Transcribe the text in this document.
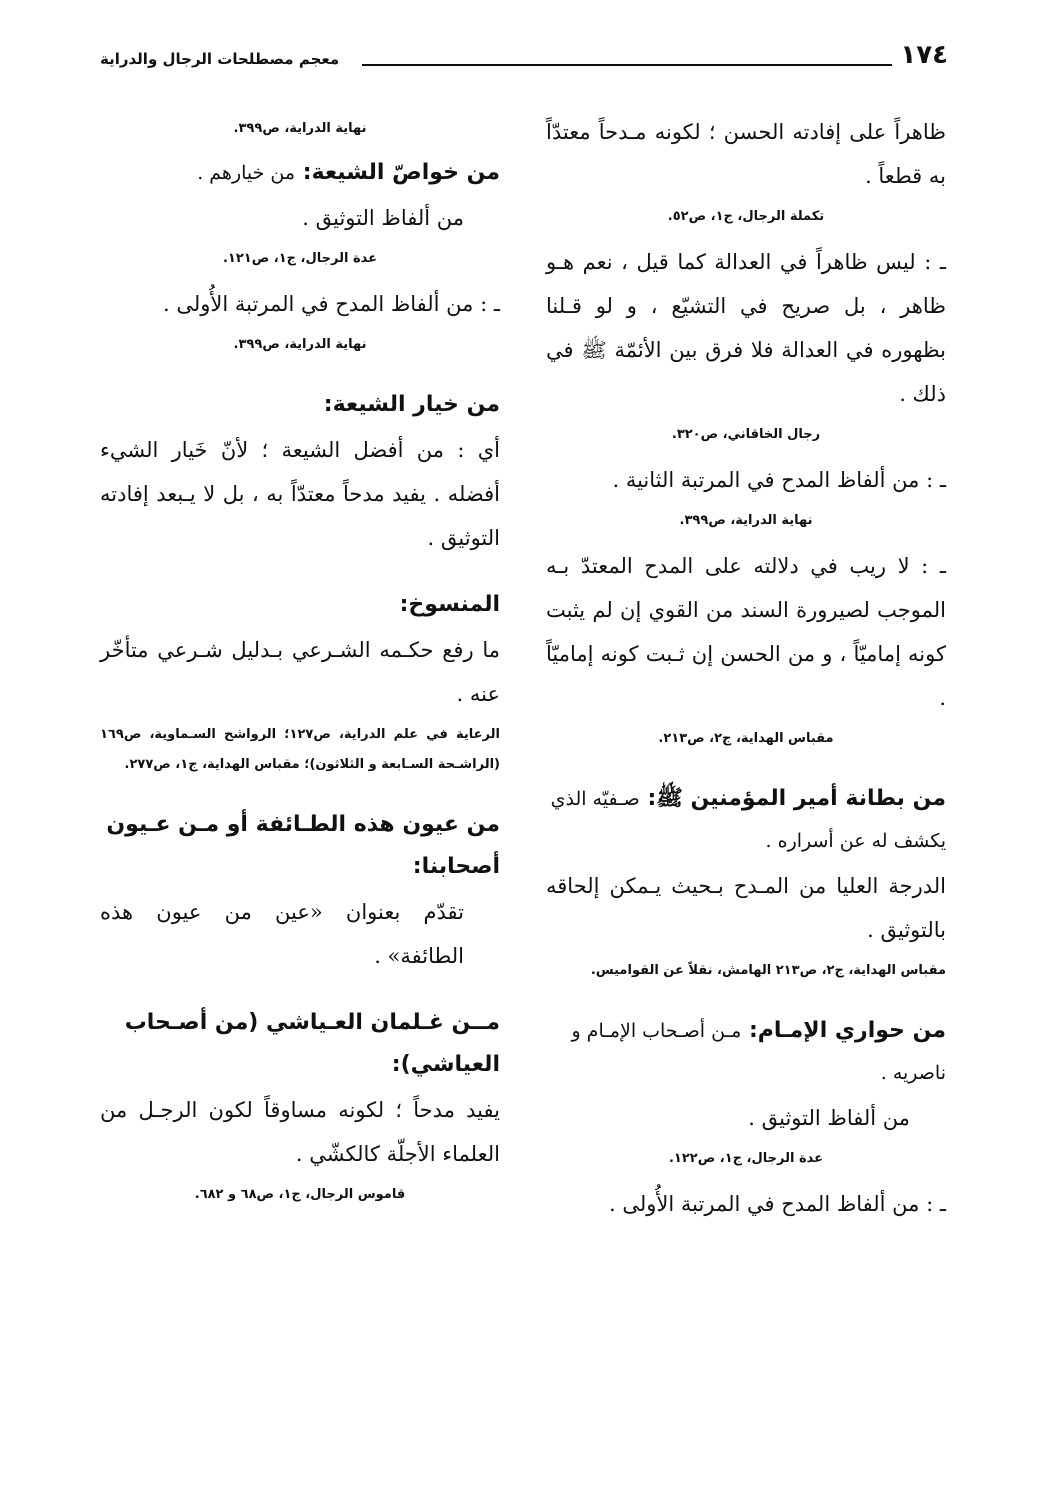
١٧٤
معجم مصطلحات الرجال والدراية

ظاهراً على إفادته الحسن ؛ لكونه مـدحاً معتدّاً به قطعاً .

تكملة الرجال، ج١، ص٥٢.

ـ : ليس ظاهراً في العدالة كما قيل ، نعم هـو ظاهر ، بل صريح في التشيّع ، و لو قـلنا بظهوره في العدالة فلا فرق بين الأئمّة ﷺ في ذلك .

رجال الخاقاني، ص٣٢٠.

ـ : من ألفاظ المدح في المرتبة الثانية .

نهاية الدراية، ص٣٩٩.

ـ : لا ريب في دلالته على المدح المعتدّ بـه الموجب لصيرورة السند من القوي إن لم يثبت كونه إماميّاً ، و من الحسن إن ثـبت كونه إماميّاً .

مقباس الهداية، ج٢، ص٢١٣.

من بطانة أمير المؤمنين ﷺ: صـفيّه الذي يكشف له عن أسراره .

الدرجة العليا من المـدح بـحيث يـمكن إلحاقه بالتوثيق .

مقباس الهداية، ج٢، ص٢١٣ الهامش، نقلاً عن القواميس.

من حواري الإمـام: مـن أصـحاب الإمـام و ناصريه .

من ألفاظ التوثيق .

عدة الرجال، ج١، ص١٢٢.

ـ : من ألفاظ المدح في المرتبة الأُولى .

نهاية الدراية، ص٣٩٩.

من خواصّ الشيعة: من خيارهم .

من ألفاظ التوثيق .

عدة الرجال، ج١، ص١٢١.

ـ : من ألفاظ المدح في المرتبة الأُولى .

نهاية الدراية، ص٣٩٩.

من خيار الشيعة:

أي : من أفضل الشيعة ؛ لأنّ خَيار الشيء أفضله . يفيد مدحاً معتدّاً به ، بل لا يـبعد إفادته التوثيق .

المنسوخ:

ما رفع حكـمه الشـرعي بـدليل شـرعي متأخّر عنه .

الرعاية في علم الدراية، ص١٢٧؛ الرواشح السـماوية، ص١٦٩ (الراشـحة السـابعة و الثلاثون)؛ مقباس الهداية، ج١، ص٢٧٧.

من عيون هذه الطـائفة أو مـن عـيون أصحابنا:

تقدّم بعنوان «عين من عيون هذه الطائفة» .

مــن غـلمان العـياشي (من أصـحاب العياشي):

يفيد مدحاً ؛ لكونه مساوقاً لكون الرجـل من العلماء الأجلّة كالكشّي .

قاموس الرجال، ج١، ص٦٨ و ٦٨٢.
